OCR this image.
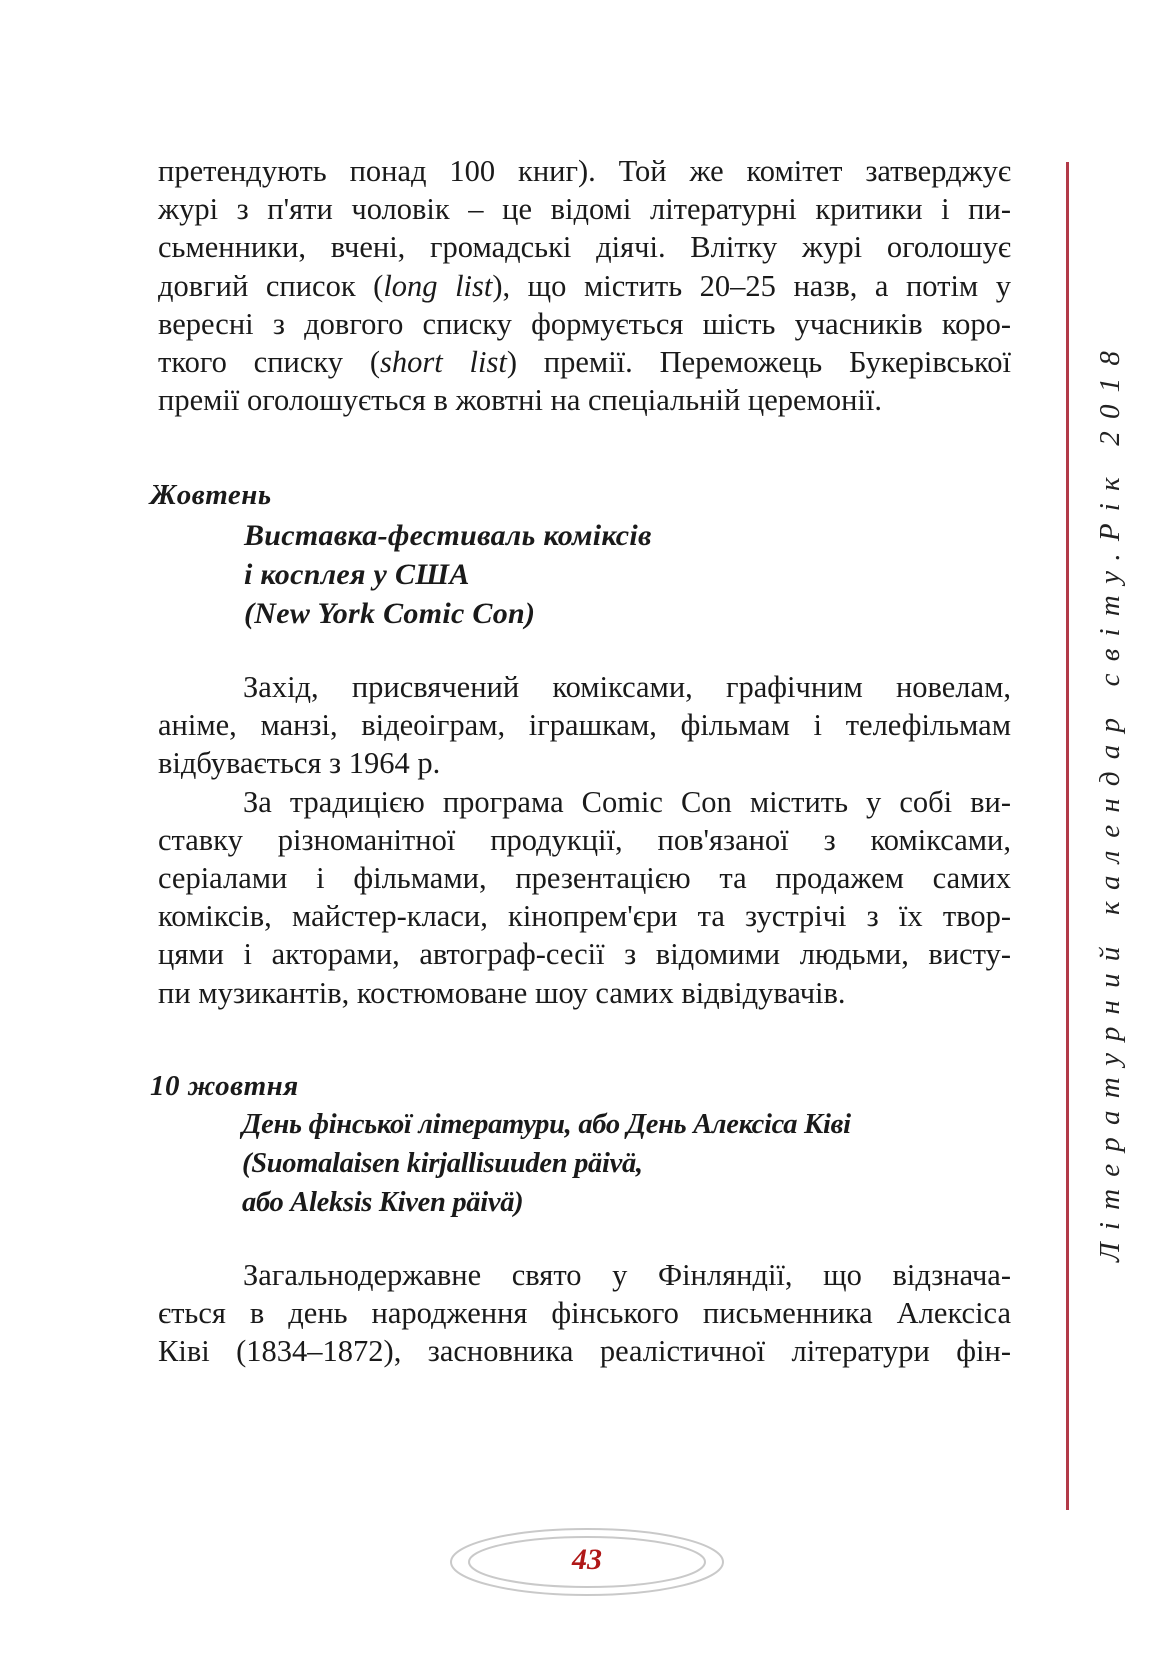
претендують понад 100 книг). Той же комітет затверджує
журі з п'яти чоловік – це відомі літературні критики і пи-
сьменники, вчені, громадські діячі. Влітку журі оголошує
довгий список (long list), що містить 20–25 назв, а потім у
вересні з довгого списку формується шість учасників коро-
ткого списку (short list) премії. Переможець Букерівської
премії оголошується в жовтні на спеціальній церемонії.

Жовтень
Виставка-фестиваль коміксів
і косплея у США
(New York Comic Con)

Захід, присвячений коміксами, графічним новелам,
аніме, манзі, відеоіграм, іграшкам, фільмам і телефільмам
відбувається з 1964 р.

За традицією програма Comic Con містить у собі ви-
ставку різноманітної продукції, пов'язаної з коміксами,
серіалами і фільмами, презентацією та продажем самих
коміксів, майстер-класи, кінопрем'єри та зустрічі з їх твор-
цями і акторами, автограф-сесії з відомими людьми, висту-
пи музикантів, костюмоване шоу самих відвідувачів.

10 жовтня
День фінської літератури, або День Алексіса Ківі
(Suomalaisen kirjallisuuden päivä,
або Aleksis Kiven päivä)

Загальнодержавне свято у Фінляндії, що відзнача-
ється в день народження фінського письменника Алексіса
Ківі (1834–1872), засновника реалістичної літератури фін-

Літературний календар світу.Рік 2018
43
